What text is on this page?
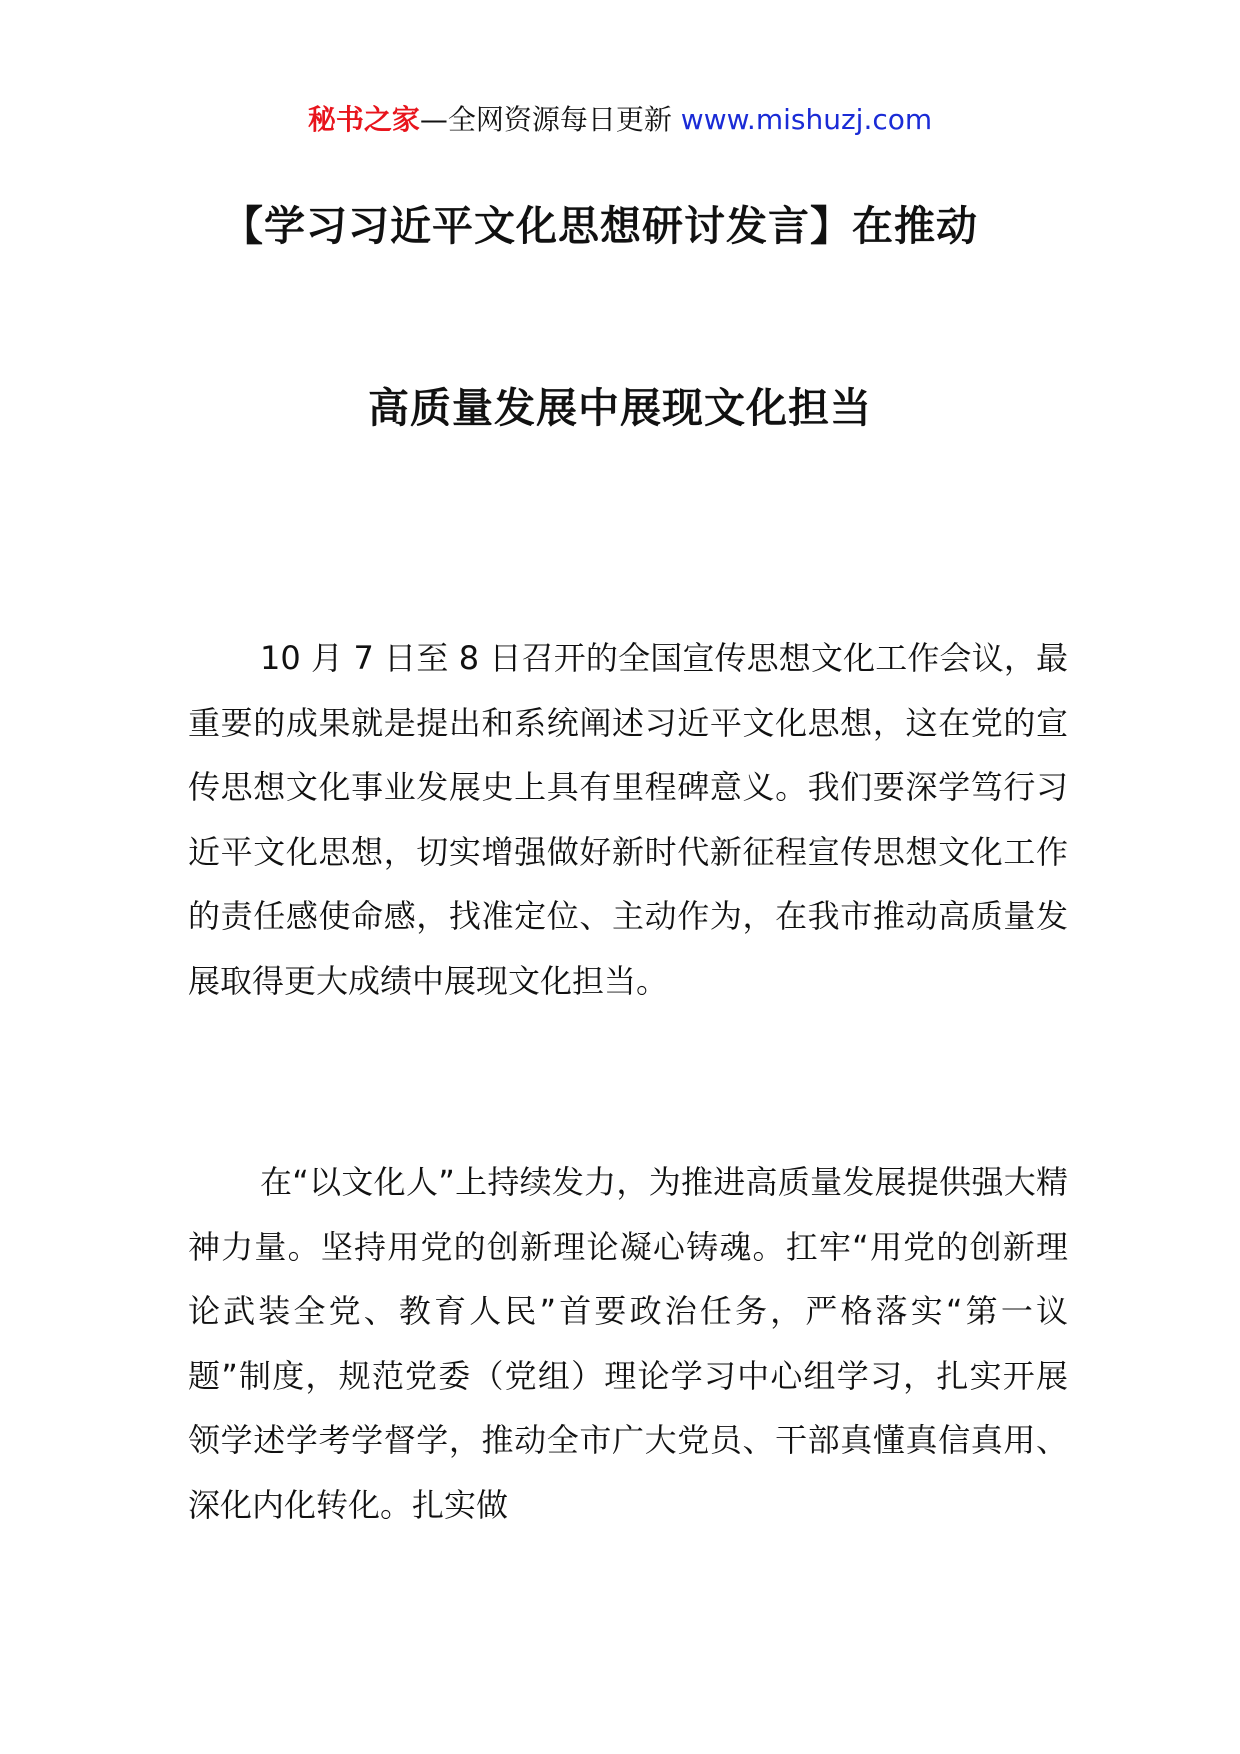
秘书之家—全网资源每日更新 www.mishuzj.com
【学习习近平文化思想研讨发言】在推动
高质量发展中展现文化担当

10 月 7 日至 8 日召开的全国宣传思想文化工作会议，最重要的成果就是提出和系统阐述习近平文化思想，这在党的宣传思想文化事业发展史上具有里程碑意义。我们要深学笃行习近平文化思想，切实增强做好新时代新征程宣传思想文化工作的责任感使命感，找准定位、主动作为，在我市推动高质量发展取得更大成绩中展现文化担当。

在“以文化人”上持续发力，为推进高质量发展提供强大精神力量。坚持用党的创新理论凝心铸魂。扛牢“用党的创新理论武装全党、教育人民”首要政治任务，严格落实“第一议题”制度，规范党委（党组）理论学习中心组学习，扎实开展领学述学考学督学，推动全市广大党员、干部真懂真信真用、深化内化转化。扎实做
